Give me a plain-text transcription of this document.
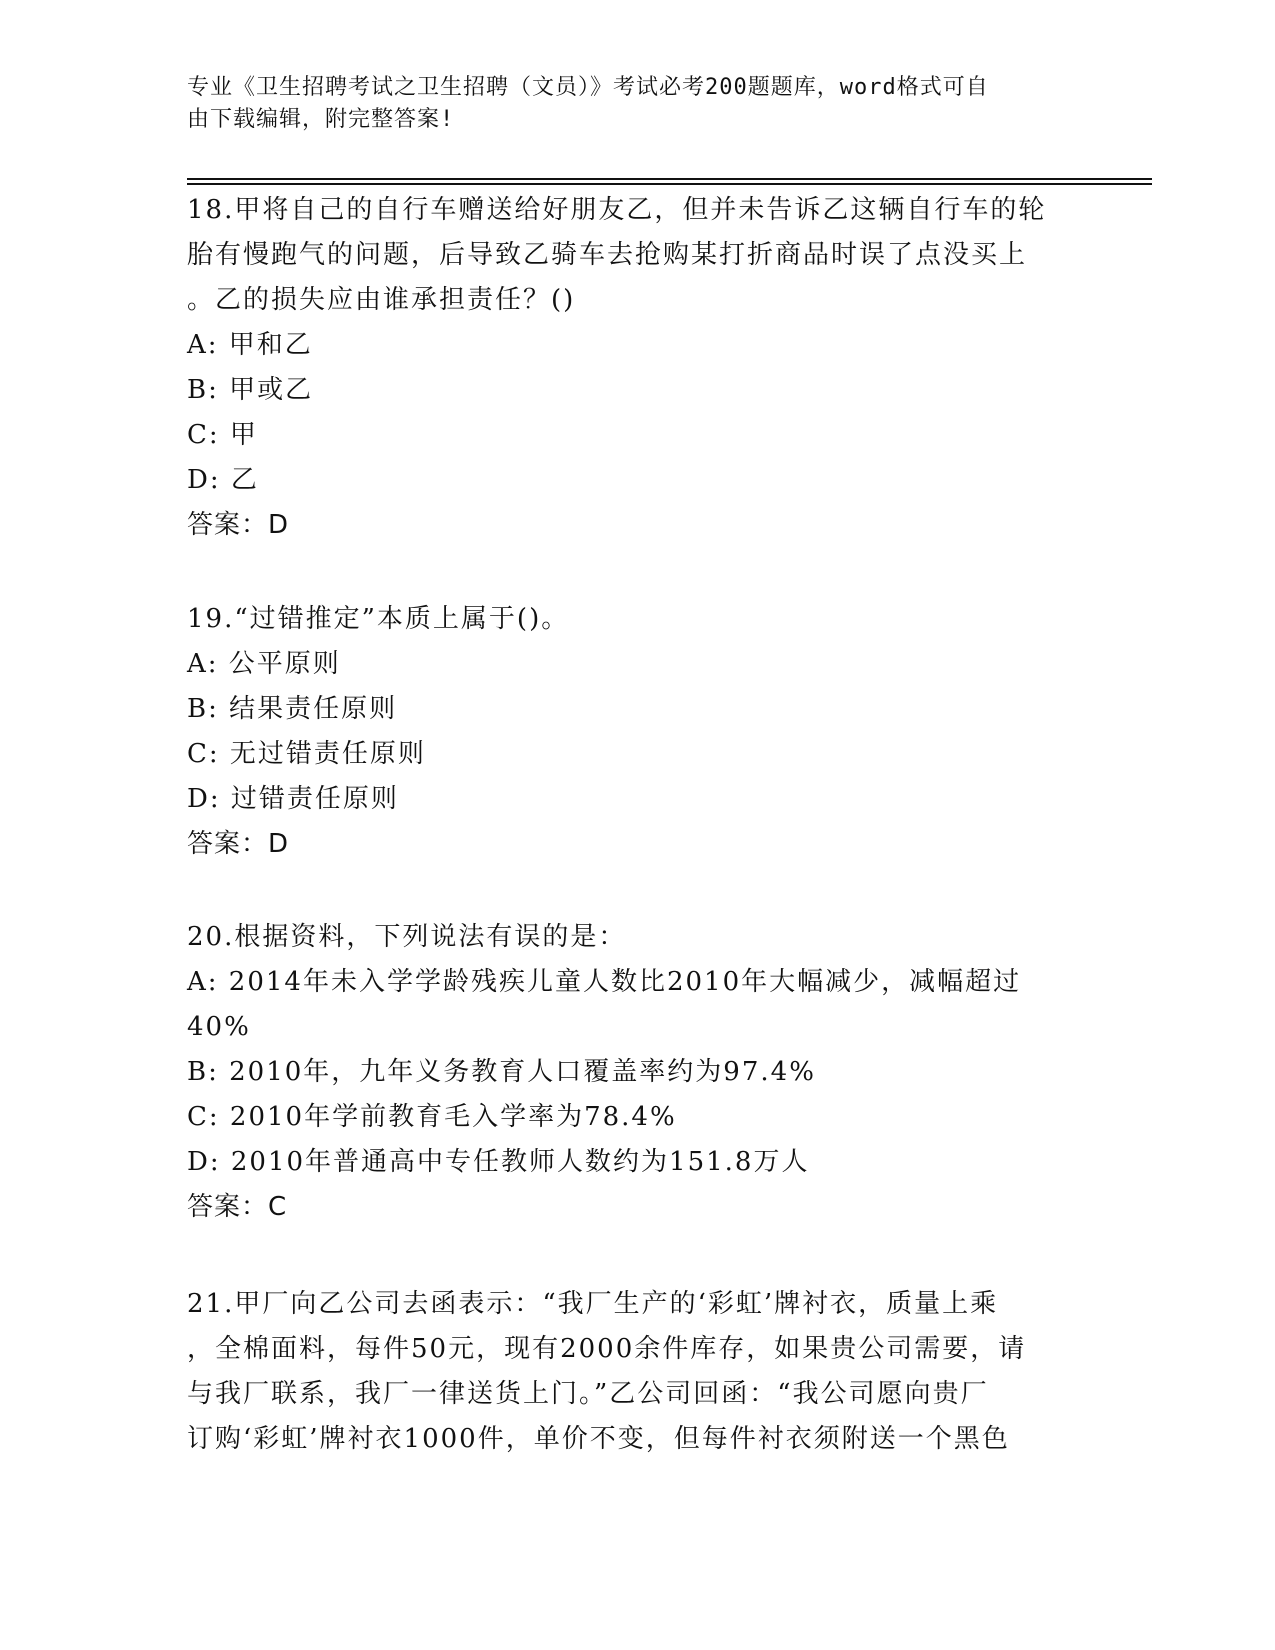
专业《卫生招聘考试之卫生招聘（文员）》考试必考200题题库，word格式可自
由下载编辑，附完整答案!
18.甲将自己的自行车赠送给好朋友乙，但并未告诉乙这辆自行车的轮
胎有慢跑气的问题，后导致乙骑车去抢购某打折商品时误了点没买上
。乙的损失应由谁承担责任？()
A: 甲和乙
B: 甲或乙
C: 甲
D: 乙
答案：D
19.“过错推定”本质上属于()。
A: 公平原则
B: 结果责任原则
C: 无过错责任原则
D: 过错责任原则
答案：D
20.根据资料，下列说法有误的是：
A: 2014年未入学学龄残疾儿童人数比2010年大幅减少，减幅超过
40%
B: 2010年，九年义务教育人口覆盖率约为97.4%
C: 2010年学前教育毛入学率为78.4%
D: 2010年普通高中专任教师人数约为151.8万人
答案：C
21.甲厂向乙公司去函表示：“我厂生产的‘彩虹’牌衬衣，质量上乘
，全棉面料，每件50元，现有2000余件库存，如果贵公司需要，请
与我厂联系，我厂一律送货上门。”乙公司回函：“我公司愿向贵厂
订购‘彩虹’牌衬衣1000件，单价不变，但每件衬衣须附送一个黑色
